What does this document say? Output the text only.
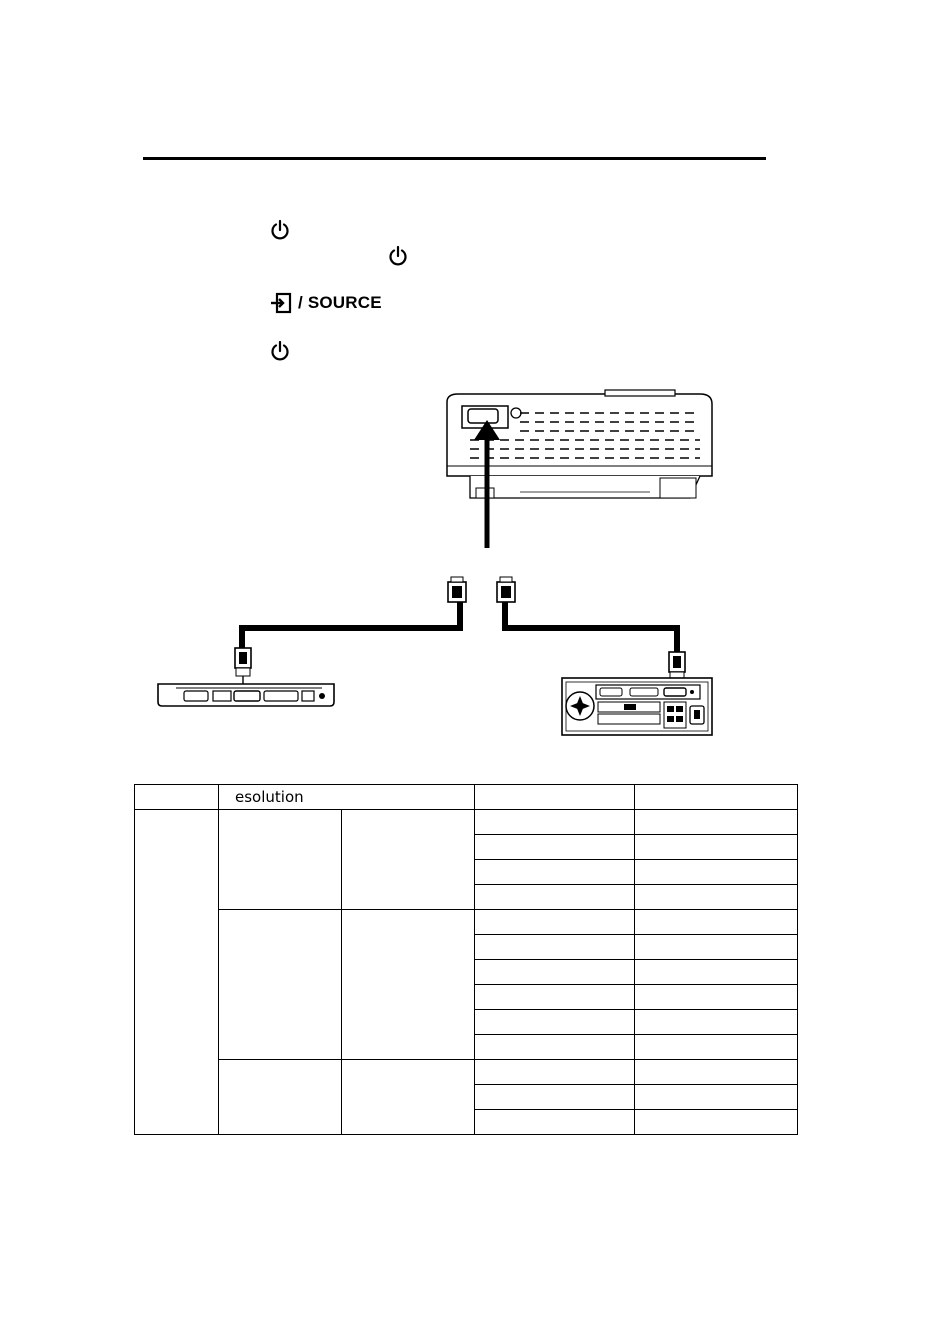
/ SOURCE
	esolution			
